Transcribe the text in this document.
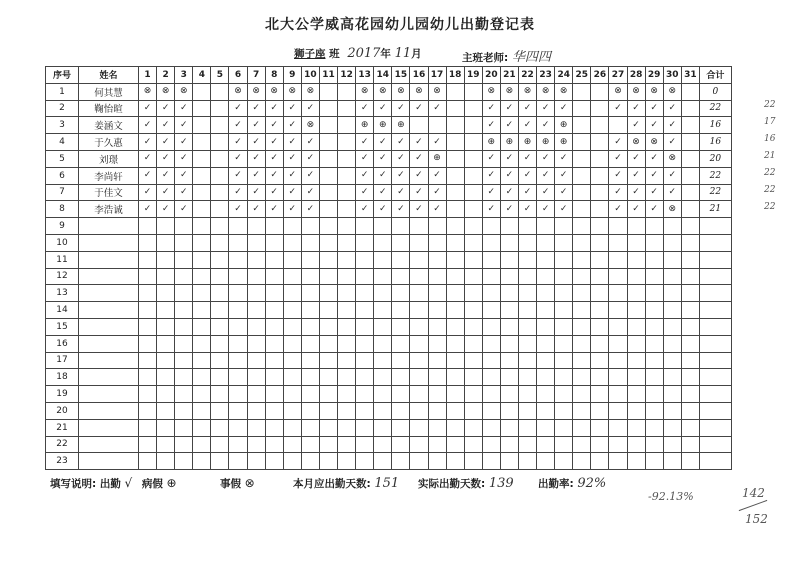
北大公学威高花园幼儿园幼儿出勤登记表
狮子座 班 2017年 11月	主班老师: 华四四
序号	姓名	1	2	3	4	5	6	7	8	9	10	11	12	13	14	15	16	17	18	19	20	21	22	23	24	25	26	27	28	29	30	31	合计
1	何其慧	⊗	⊗	⊗			⊗	⊗	⊗	⊗	⊗			⊗	⊗	⊗	⊗	⊗			⊗	⊗	⊗	⊗	⊗			⊗	⊗	⊗	⊗		0
2	鞠怡暄	✓	✓	✓			✓	✓	✓	✓	✓			✓	✓	✓	✓	✓			✓	✓	✓	✓	✓			✓	✓	✓	✓		22
3	姜涵文	✓	✓	✓			✓	✓	✓	✓	⊗			⊕	⊕	⊕					✓	✓	✓	✓	⊕				✓	✓	✓		16
4	于久惠	✓	✓	✓			✓	✓	✓	✓	✓			✓	✓	✓	✓	✓			⊕	⊕	⊕	⊕	⊕			✓	⊗	⊗	✓		16
5	刘璟	✓	✓	✓			✓	✓	✓	✓	✓			✓	✓	✓	✓	⊕			✓	✓	✓	✓	✓			✓	✓	✓	⊗		20
6	李尚轩	✓	✓	✓			✓	✓	✓	✓	✓			✓	✓	✓	✓	✓			✓	✓	✓	✓	✓			✓	✓	✓	✓		22
7	于佳文	✓	✓	✓			✓	✓	✓	✓	✓			✓	✓	✓	✓	✓			✓	✓	✓	✓	✓			✓	✓	✓	✓		22
8	李浩诚	✓	✓	✓			✓	✓	✓	✓	✓			✓	✓	✓	✓	✓			✓	✓	✓	✓	✓			✓	✓	✓	⊗		21
9																																	
10																																	
11																																	
12																																	
13																																	
14																																	
15																																	
16																																	
17																																	
18																																	
19																																	
20																																	
21																																	
22																																	
23																																	
22
17
16
21
22
22
22
填写说明: 出勤 √ 病假 ⊕	事假 ⊗	本月应出勤天数: 151 实际出勤天数: 139 出勤率: 92%
-92.13%	142
152
